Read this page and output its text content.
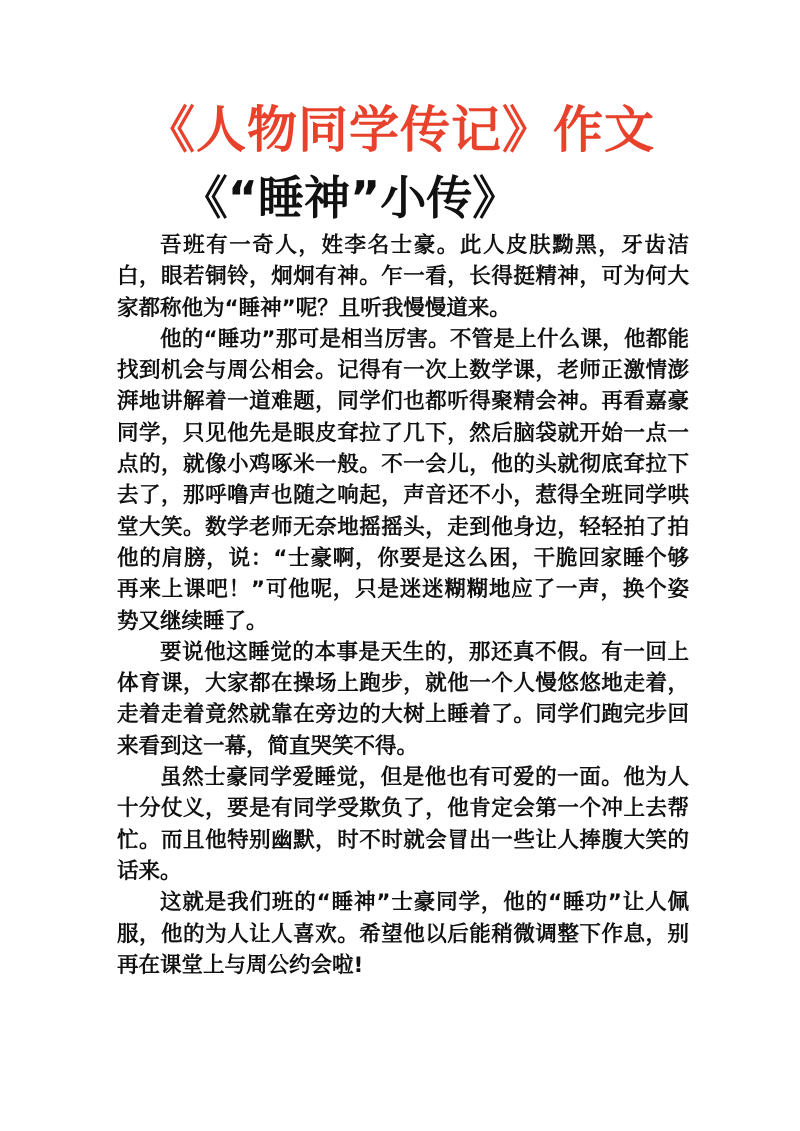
《人物同学传记》作文
《“睡神”小传》

吾班有一奇人，姓李名士豪。此人皮肤黝黑，牙齿洁白，眼若铜铃，炯炯有神。乍一看，长得挺精神，可为何大家都称他为“睡神”呢？且听我慢慢道来。

他的“睡功”那可是相当厉害。不管是上什么课，他都能找到机会与周公相会。记得有一次上数学课，老师正激情澎湃地讲解着一道难题，同学们也都听得聚精会神。再看嘉豪同学，只见他先是眼皮耷拉了几下，然后脑袋就开始一点一点的，就像小鸡啄米一般。不一会儿，他的头就彻底耷拉下去了，那呼噜声也随之响起，声音还不小，惹得全班同学哄堂大笑。数学老师无奈地摇摇头，走到他身边，轻轻拍了拍他的肩膀，说：“士豪啊，你要是这么困，干脆回家睡个够再来上课吧！”可他呢，只是迷迷糊糊地应了一声，换个姿势又继续睡了。

要说他这睡觉的本事是天生的，那还真不假。有一回上体育课，大家都在操场上跑步，就他一个人慢悠悠地走着，走着走着竟然就靠在旁边的大树上睡着了。同学们跑完步回来看到这一幕，简直哭笑不得。

虽然士豪同学爱睡觉，但是他也有可爱的一面。他为人十分仗义，要是有同学受欺负了，他肯定会第一个冲上去帮忙。而且他特别幽默，时不时就会冒出一些让人捧腹大笑的话来。

这就是我们班的“睡神”士豪同学，他的“睡功”让人佩服，他的为人让人喜欢。希望他以后能稍微调整下作息，别再在课堂上与周公约会啦!
